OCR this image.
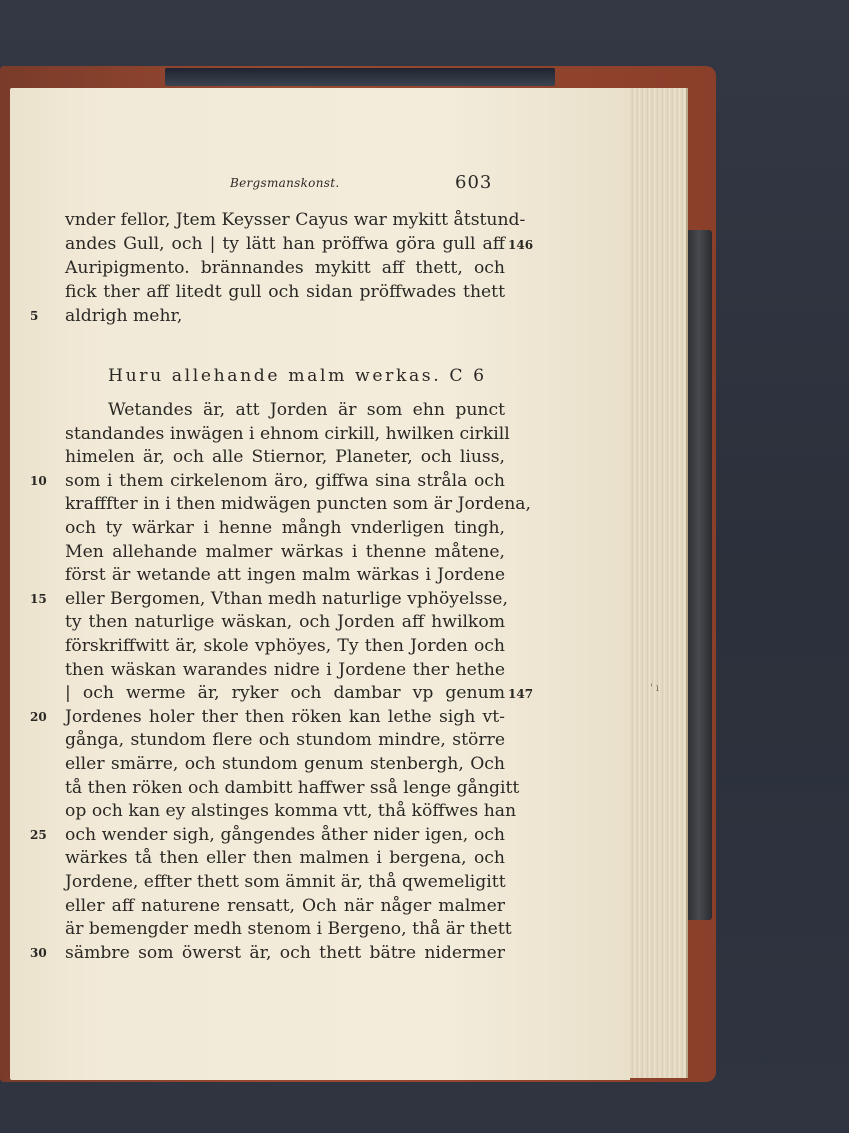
Bergsmanskonst.	603
Huru allehande malm werkas. C 6
' ı
vnder fellor, Jtem Keysser Cayus war mykitt åtstund-
andes Gull, och | ty lätt han pröffwa göra gull aff 146
Auripigmento. brännandes mykitt aff thett, och
fick ther aff litedt gull och sidan pröffwades thett
aldrigh mehr,
5
Wetandes är, att Jorden är som ehn punct
standandes inwägen i ehnom cirkill, hwilken cirkill
himelen är, och alle Stiernor, Planeter, och liuss,
som i them cirkelenom äro, giffwa sina stråla och
10
krafffter in i then midwägen puncten som är Jordena,
och ty wärkar i henne mångh vnderligen tingh,
Men allehande malmer wärkas i thenne måtene,
först är wetande att ingen malm wärkas i Jordene
eller Bergomen, Vthan medh naturlige vphöyelsse,
15
ty then naturlige wäskan, och Jorden aff hwilkom
förskriffwitt är, skole vphöyes, Ty then Jorden och
then wäskan warandes nidre i Jordene ther hethe
| och werme är, ryker och dambar vp genum 147
Jordenes holer ther then röken kan lethe sigh vt-
20
gånga, stundom flere och stundom mindre, större
eller smärre, och stundom genum stenbergh, Och
tå then röken och dambitt haffwer sså lenge gångitt
op och kan ey alstinges komma vtt, thå köffwes han
och wender sigh, gångendes åther nider igen, och
25
wärkes tå then eller then malmen i bergena, och
Jordene, effter thett som ämnit är, thå qwemeligitt
eller aff naturene rensatt, Och när någer malmer
är bemengder medh stenom i Bergeno, thå är thett
sämbre som öwerst är, och thett bätre nidermer
30
